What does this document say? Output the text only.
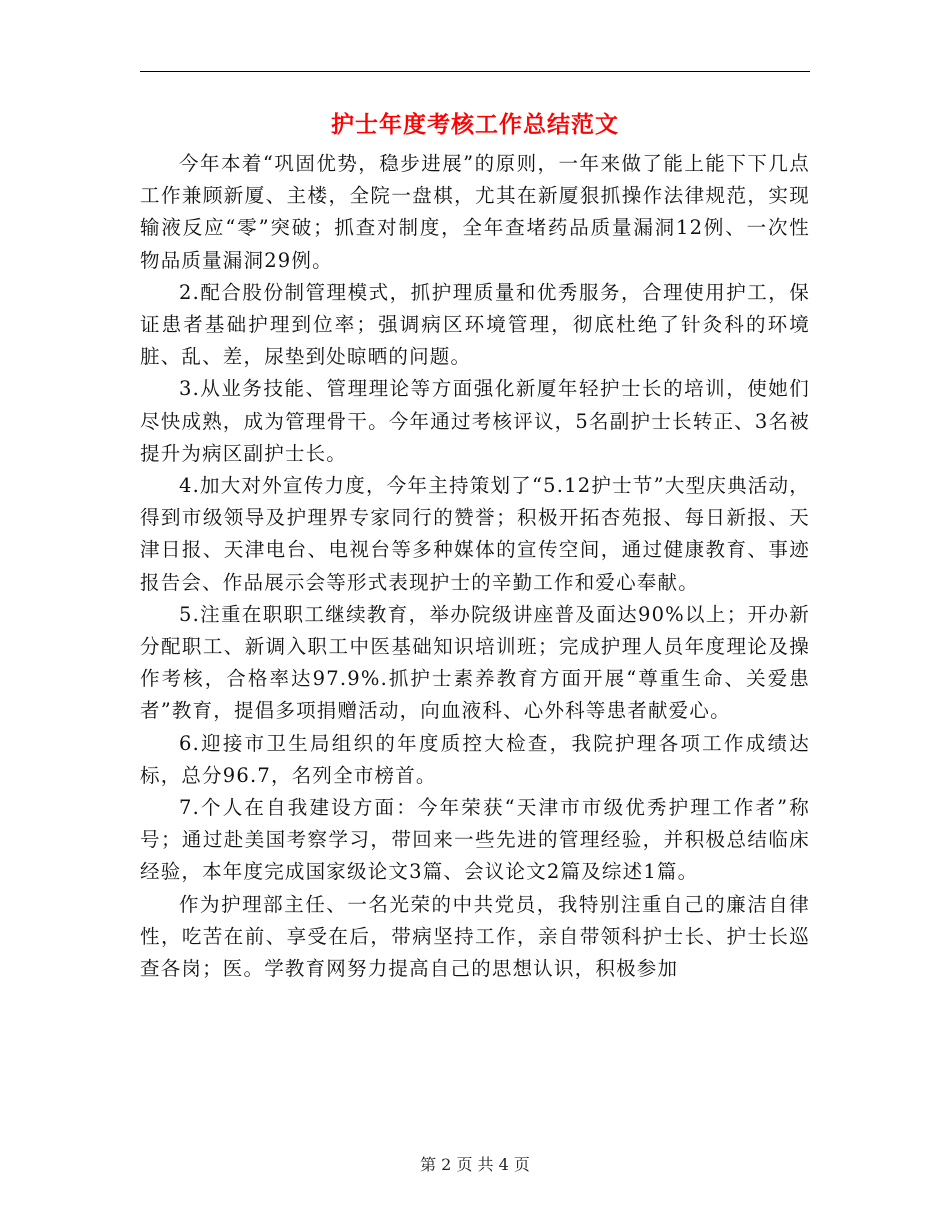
护士年度考核工作总结范文

今年本着“巩固优势，稳步进展”的原则，一年来做了能上能下下几点工作兼顾新厦、主楼，全院一盘棋，尤其在新厦狠抓操作法律规范，实现输液反应“零”突破；抓查对制度，全年查堵药品质量漏洞12例、一次性物品质量漏洞29例。

2.配合股份制管理模式，抓护理质量和优秀服务，合理使用护工，保证患者基础护理到位率；强调病区环境管理，彻底杜绝了针灸科的环境脏、乱、差，尿垫到处晾晒的问题。

3.从业务技能、管理理论等方面强化新厦年轻护士长的培训，使她们尽快成熟，成为管理骨干。今年通过考核评议，5名副护士长转正、3名被提升为病区副护士长。

4.加大对外宣传力度，今年主持策划了“5.12护士节”大型庆典活动，得到市级领导及护理界专家同行的赞誉；积极开拓杏苑报、每日新报、天津日报、天津电台、电视台等多种媒体的宣传空间，通过健康教育、事迹报告会、作品展示会等形式表现护士的辛勤工作和爱心奉献。

5.注重在职职工继续教育，举办院级讲座普及面达90%以上；开办新分配职工、新调入职工中医基础知识培训班；完成护理人员年度理论及操作考核，合格率达97.9%.抓护士素养教育方面开展“尊重生命、关爱患者”教育，提倡多项捐赠活动，向血液科、心外科等患者献爱心。

6.迎接市卫生局组织的年度质控大检查，我院护理各项工作成绩达标，总分96.7，名列全市榜首。

7.个人在自我建设方面：今年荣获“天津市市级优秀护理工作者”称号；通过赴美国考察学习，带回来一些先进的管理经验，并积极总结临床经验，本年度完成国家级论文3篇、会议论文2篇及综述1篇。

作为护理部主任、一名光荣的中共党员，我特别注重自己的廉洁自律性，吃苦在前、享受在后，带病坚持工作，亲自带领科护士长、护士长巡查各岗；医。学教育网努力提高自己的思想认识，积极参加

第 2 页 共 4 页
